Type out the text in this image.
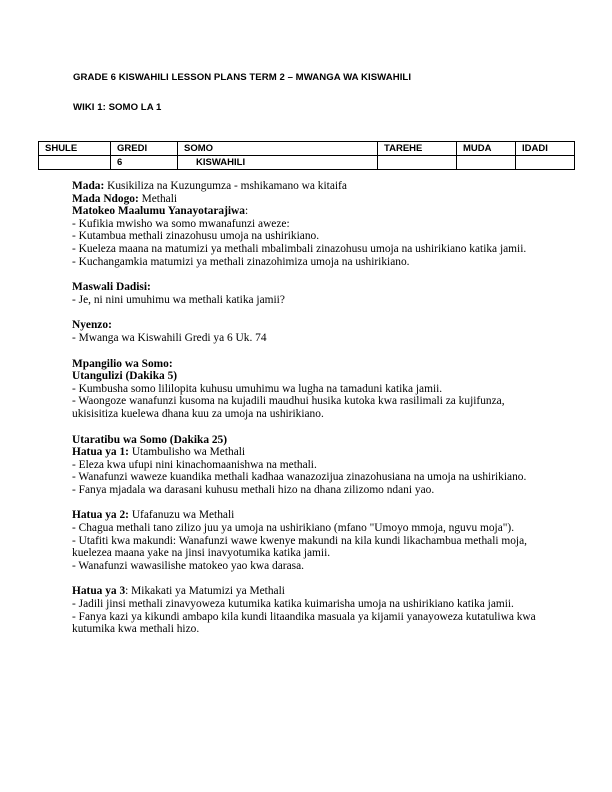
GRADE 6 KISWAHILI LESSON PLANS TERM 2 – MWANGA WA KISWAHILI
WIKI 1: SOMO LA 1
SHULE	GREDI	SOMO	TAREHE	MUDA	IDADI
	6	KISWAHILI			

Mada: Kusikiliza na Kuzungumza - mshikamano wa kitaifa

Mada Ndogo: Methali

Matokeo Maalumu Yanayotarajiwa:

- Kufikia mwisho wa somo mwanafunzi aweze:

- Kutambua methali zinazohusu umoja na ushirikiano.

- Kueleza maana na matumizi ya methali mbalimbali zinazohusu umoja na ushirikiano katika jamii.

- Kuchangamkia matumizi ya methali zinazohimiza umoja na ushirikiano.

Maswali Dadisi:

- Je, ni nini umuhimu wa methali katika jamii?

Nyenzo:

- Mwanga wa Kiswahili Gredi ya 6 Uk. 74

Mpangilio wa Somo:

Utangulizi (Dakika 5)

- Kumbusha somo lililopita kuhusu umuhimu wa lugha na tamaduni katika jamii.

- Waongoze wanafunzi kusoma na kujadili maudhui husika kutoka kwa rasilimali za kujifunza, ukisisitiza kuelewa dhana kuu za umoja na ushirikiano.

Utaratibu wa Somo (Dakika 25)

Hatua ya 1: Utambulisho wa Methali

- Eleza kwa ufupi nini kinachomaanishwa na methali.

- Wanafunzi waweze kuandika methali kadhaa wanazozijua zinazohusiana na umoja na ushirikiano.

- Fanya mjadala wa darasani kuhusu methali hizo na dhana zilizomo ndani yao.

Hatua ya 2: Ufafanuzu wa Methali

- Chagua methali tano zilizo juu ya umoja na ushirikiano (mfano "Umoyo mmoja, nguvu moja").

- Utafiti kwa makundi: Wanafunzi wawe kwenye makundi na kila kundi likachambua methali moja, kuelezea maana yake na jinsi inavyotumika katika jamii.

- Wanafunzi wawasilishe matokeo yao kwa darasa.

Hatua ya 3: Mikakati ya Matumizi ya Methali

- Jadili jinsi methali zinavyoweza kutumika katika kuimarisha umoja na ushirikiano katika jamii.

- Fanya kazi ya kikundi ambapo kila kundi litaandika masuala ya kijamii yanayoweza kutatuliwa kwa kutumika kwa methali hizo.
